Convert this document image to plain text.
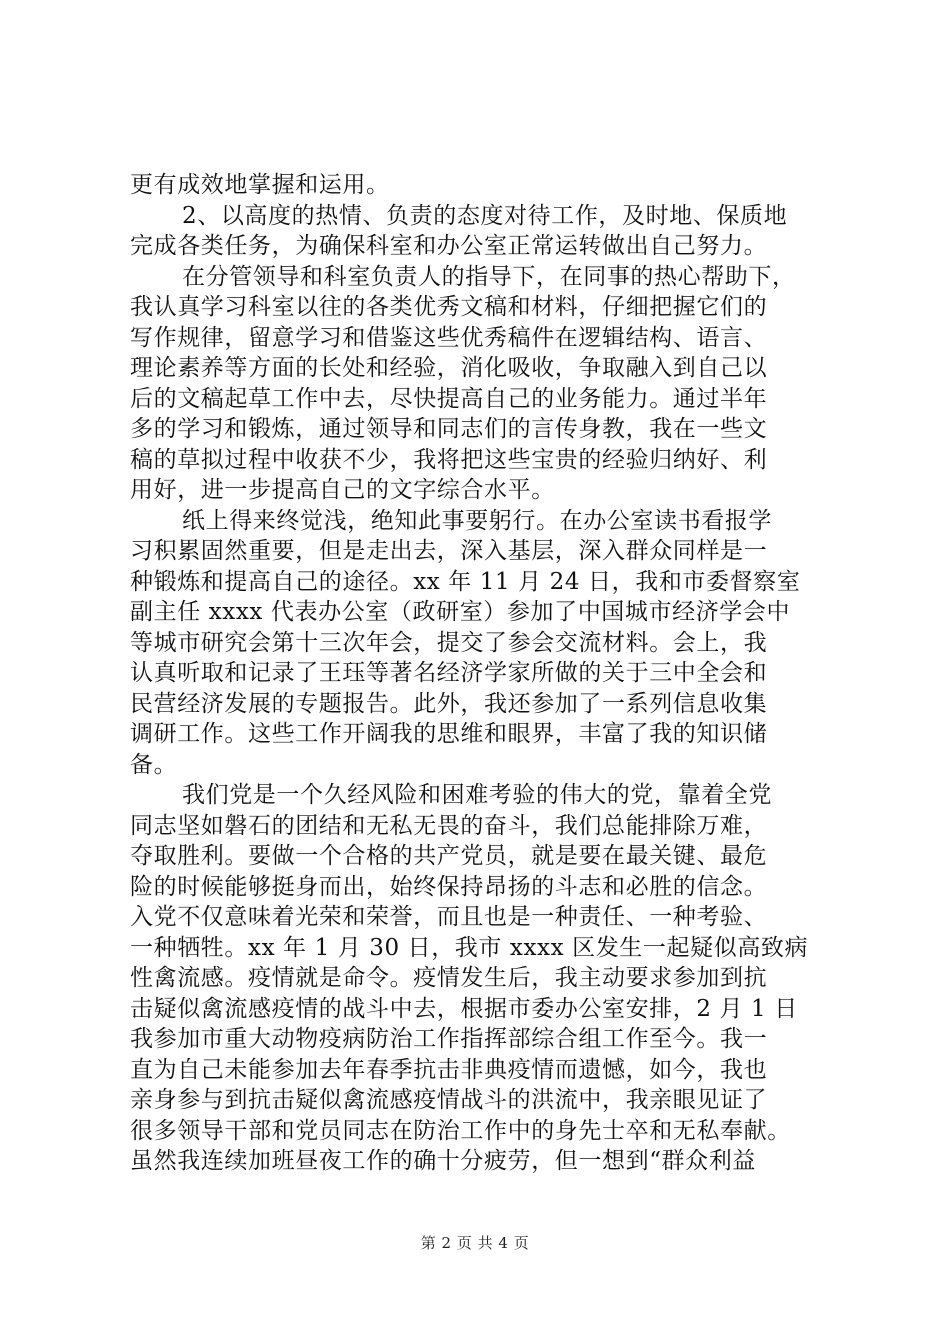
更有成效地掌握和运用。
2、以高度的热情、负责的态度对待工作，及时地、保质地
完成各类任务，为确保科室和办公室正常运转做出自己努力。
在分管领导和科室负责人的指导下，在同事的热心帮助下，
我认真学习科室以往的各类优秀文稿和材料，仔细把握它们的
写作规律，留意学习和借鉴这些优秀稿件在逻辑结构、语言、
理论素养等方面的长处和经验，消化吸收，争取融入到自己以
后的文稿起草工作中去，尽快提高自己的业务能力。通过半年
多的学习和锻炼，通过领导和同志们的言传身教，我在一些文
稿的草拟过程中收获不少，我将把这些宝贵的经验归纳好、利
用好，进一步提高自己的文字综合水平。
纸上得来终觉浅，绝知此事要躬行。在办公室读书看报学
习积累固然重要，但是走出去，深入基层，深入群众同样是一
种锻炼和提高自己的途径。xx 年 11 月 24 日，我和市委督察室
副主任 xxxx 代表办公室（政研室）参加了中国城市经济学会中
等城市研究会第十三次年会，提交了参会交流材料。会上，我
认真听取和记录了王珏等著名经济学家所做的关于三中全会和
民营经济发展的专题报告。此外，我还参加了一系列信息收集
调研工作。这些工作开阔我的思维和眼界，丰富了我的知识储
备。
我们党是一个久经风险和困难考验的伟大的党，靠着全党
同志坚如磐石的团结和无私无畏的奋斗，我们总能排除万难，
夺取胜利。要做一个合格的共产党员，就是要在最关键、最危
险的时候能够挺身而出，始终保持昂扬的斗志和必胜的信念。
入党不仅意味着光荣和荣誉，而且也是一种责任、一种考验、
一种牺牲。xx 年 1 月 30 日，我市 xxxx 区发生一起疑似高致病
性禽流感。疫情就是命令。疫情发生后，我主动要求参加到抗
击疑似禽流感疫情的战斗中去，根据市委办公室安排，2 月 1 日
我参加市重大动物疫病防治工作指挥部综合组工作至今。我一
直为自己未能参加去年春季抗击非典疫情而遗憾，如今，我也
亲身参与到抗击疑似禽流感疫情战斗的洪流中，我亲眼见证了
很多领导干部和党员同志在防治工作中的身先士卒和无私奉献。
虽然我连续加班昼夜工作的确十分疲劳，但一想到“群众利益
第 2 页 共 4 页
